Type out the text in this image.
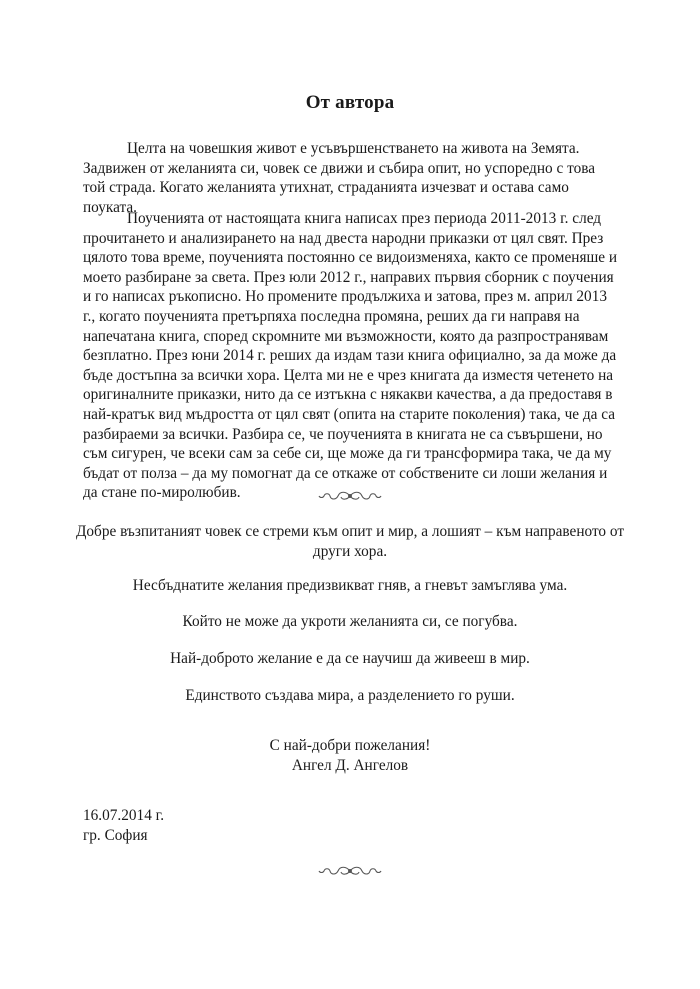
От автора

Целта на човешкия живот е усъвършенстването на живота на Земята. Задвижен от желанията си, човек се движи и събира опит, но успоредно с това той страда. Когато желанията утихнат, страданията изчезват и остава само поуката.

Поученията от настоящата книга написах през периода 2011-2013 г. след прочитането и анализирането на над двеста народни приказки от цял свят. През цялото това време, поученията постоянно се видоизменяха, както се променяше и моето разбиране за света. През юли 2012 г., направих първия сборник с поучения и го написах ръкописно. Но промените продължиха и затова, през м. април 2013 г., когато поученията претърпяха последна промяна, реших да ги направя на напечатана книга, според скромните ми възможности, която да разпространявам безплатно. През юни 2014 г. реших да издам тази книга официално, за да може да бъде достъпна за всички хора. Целта ми не е чрез книгата да изместя четенето на оригиналните приказки, нито да се изтъкна с някакви качества, а да предоставя в най-кратък вид мъдростта от цял свят (опита на старите поколения) така, че да са разбираеми за всички. Разбира се, че поученията в книгата не са съвършени, но съм сигурен, че всеки сам за себе си, ще може да ги трансформира така, че да му бъдат от полза – да му помогнат да се откаже от собствените си лоши желания и да стане по-миролюбив.

Добре възпитаният човек се стреми към опит и мир, а лошият – към направеното от други хора.
Несбъднатите желания предизвикват гняв, а гневът замъглява ума.
Който не може да укроти желанията си, се погубва.
Най-доброто желание е да се научиш да живееш в мир.
Единството създава мира, а разделението го руши.
С най-добри пожелания!
Ангел Д. Ангелов
16.07.2014 г.
гр. София
